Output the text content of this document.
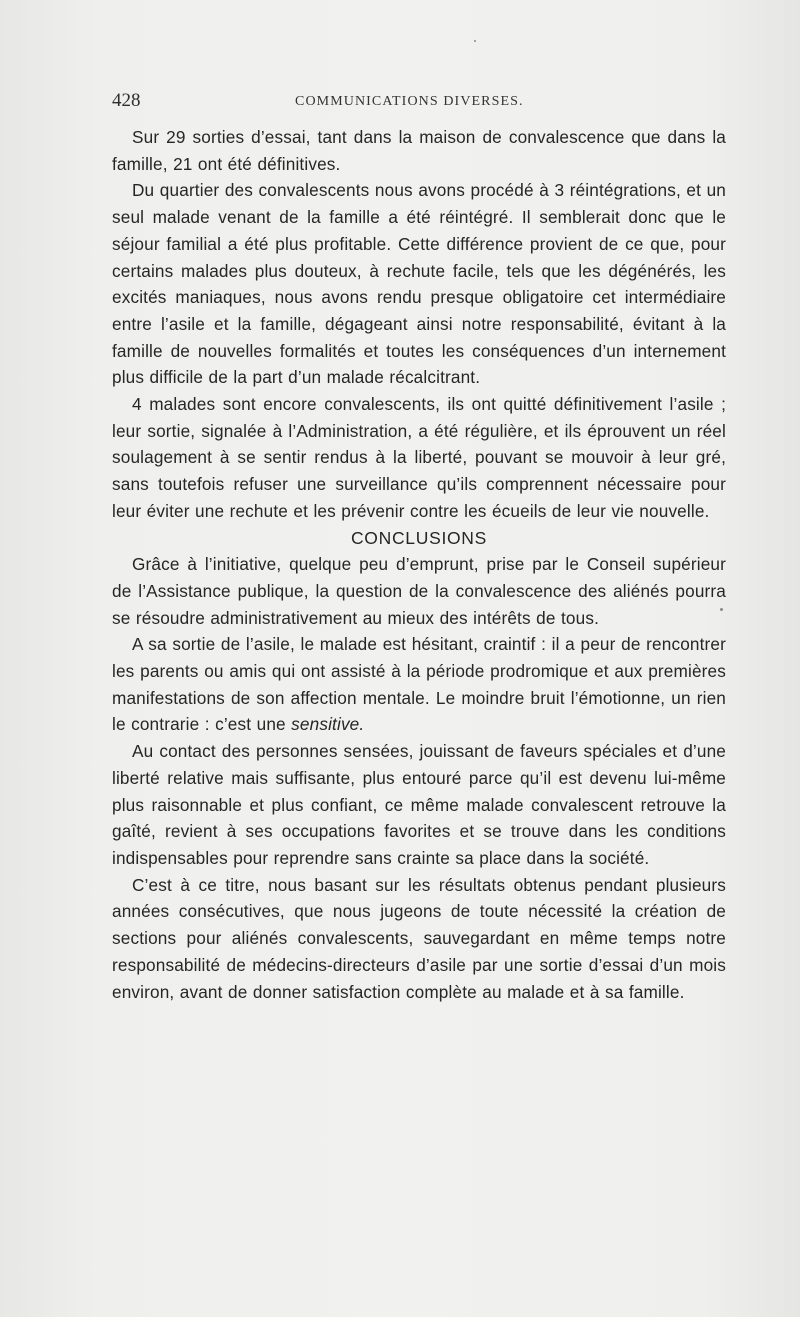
428	COMMUNICATIONS DIVERSES.

Sur 29 sorties d’essai, tant dans la maison de convalescence que dans la famille, 21 ont été définitives.

Du quartier des convalescents nous avons procédé à 3 réintégrations, et un seul malade venant de la famille a été réintégré. Il semblerait donc que le séjour familial a été plus profitable. Cette différence provient de ce que, pour certains malades plus douteux, à rechute facile, tels que les dégénérés, les excités maniaques, nous avons rendu presque obligatoire cet intermédiaire entre l’asile et la famille, dégageant ainsi notre responsabilité, évitant à la famille de nouvelles formalités et toutes les conséquences d’un internement plus difficile de la part d’un malade récalcitrant.

4 malades sont encore convalescents, ils ont quitté définitivement l’asile ; leur sortie, signalée à l’Administration, a été régulière, et ils éprouvent un réel soulagement à se sentir rendus à la liberté, pouvant se mouvoir à leur gré, sans toutefois refuser une surveillance qu’ils comprennent nécessaire pour leur éviter une rechute et les prévenir contre les écueils de leur vie nouvelle.

CONCLUSIONS

Grâce à l’initiative, quelque peu d’emprunt, prise par le Conseil supérieur de l’Assistance publique, la question de la convalescence des aliénés pourra se résoudre administrativement au mieux des intérêts de tous.

A sa sortie de l’asile, le malade est hésitant, craintif : il a peur de rencontrer les parents ou amis qui ont assisté à la période prodromique et aux premières manifestations de son affection mentale. Le moindre bruit l’émotionne, un rien le contrarie : c’est une sensitive.

Au contact des personnes sensées, jouissant de faveurs spéciales et d’une liberté relative mais suffisante, plus entouré parce qu’il est devenu lui-même plus raisonnable et plus confiant, ce même malade convalescent retrouve la gaîté, revient à ses occupations favorites et se trouve dans les conditions indispensables pour reprendre sans crainte sa place dans la société.

C’est à ce titre, nous basant sur les résultats obtenus pendant plusieurs années consécutives, que nous jugeons de toute nécessité la création de sections pour aliénés convalescents, sauvegardant en même temps notre responsabilité de médecins-directeurs d’asile par une sortie d’essai d’un mois environ, avant de donner satisfaction complète au malade et à sa famille.
